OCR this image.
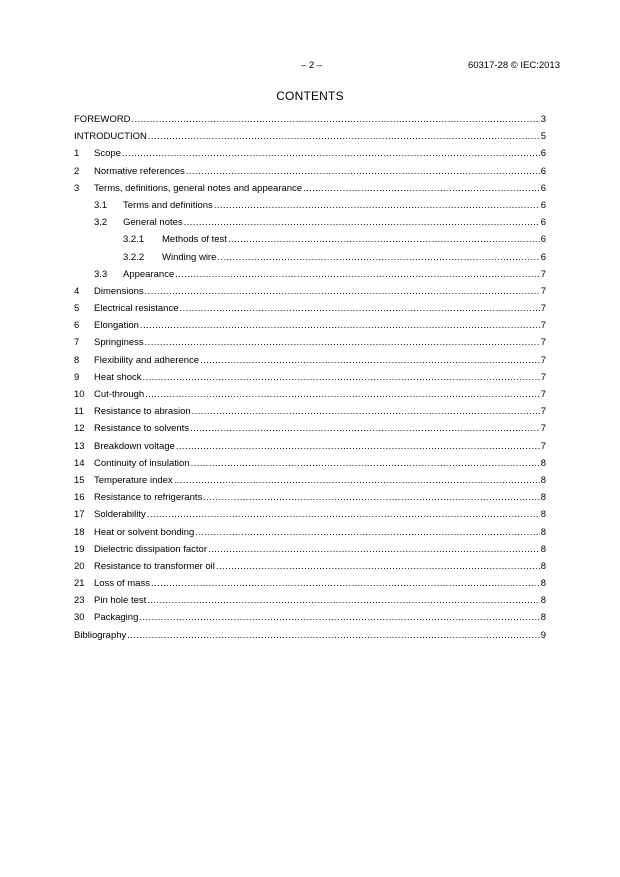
– 2 –	60317-28 © IEC:2013
CONTENTS
FOREWORD .....	3
INTRODUCTION .....	5
1	Scope .....	6
2	Normative references .....	6
3	Terms, definitions, general notes and appearance .....	6
3.1	Terms and definitions .....	6
3.2	General notes .....	6
3.2.1	Methods of test .....	6
3.2.2	Winding wire .....	6
3.3	Appearance .....	7
4	Dimensions .....	7
5	Electrical resistance .....	7
6	Elongation .....	7
7	Springiness .....	7
8	Flexibility and adherence .....	7
9	Heat shock .....	7
10 Cut-through .....	7
11	Resistance to abrasion .....	7
12 Resistance to solvents .....	7
13 Breakdown voltage .....	7
14 Continuity of insulation .....	8
15 Temperature index .....	8
16 Resistance to refrigerants .....	8
17 Solderability .....	8
18 Heat or solvent bonding .....	8
19 Dielectric dissipation factor .....	8
20 Resistance to transformer oil .....	8
21 Loss of mass .....	8
23 Pin hole test .....	8
30 Packaging .....	8
Bibliography .....	9
